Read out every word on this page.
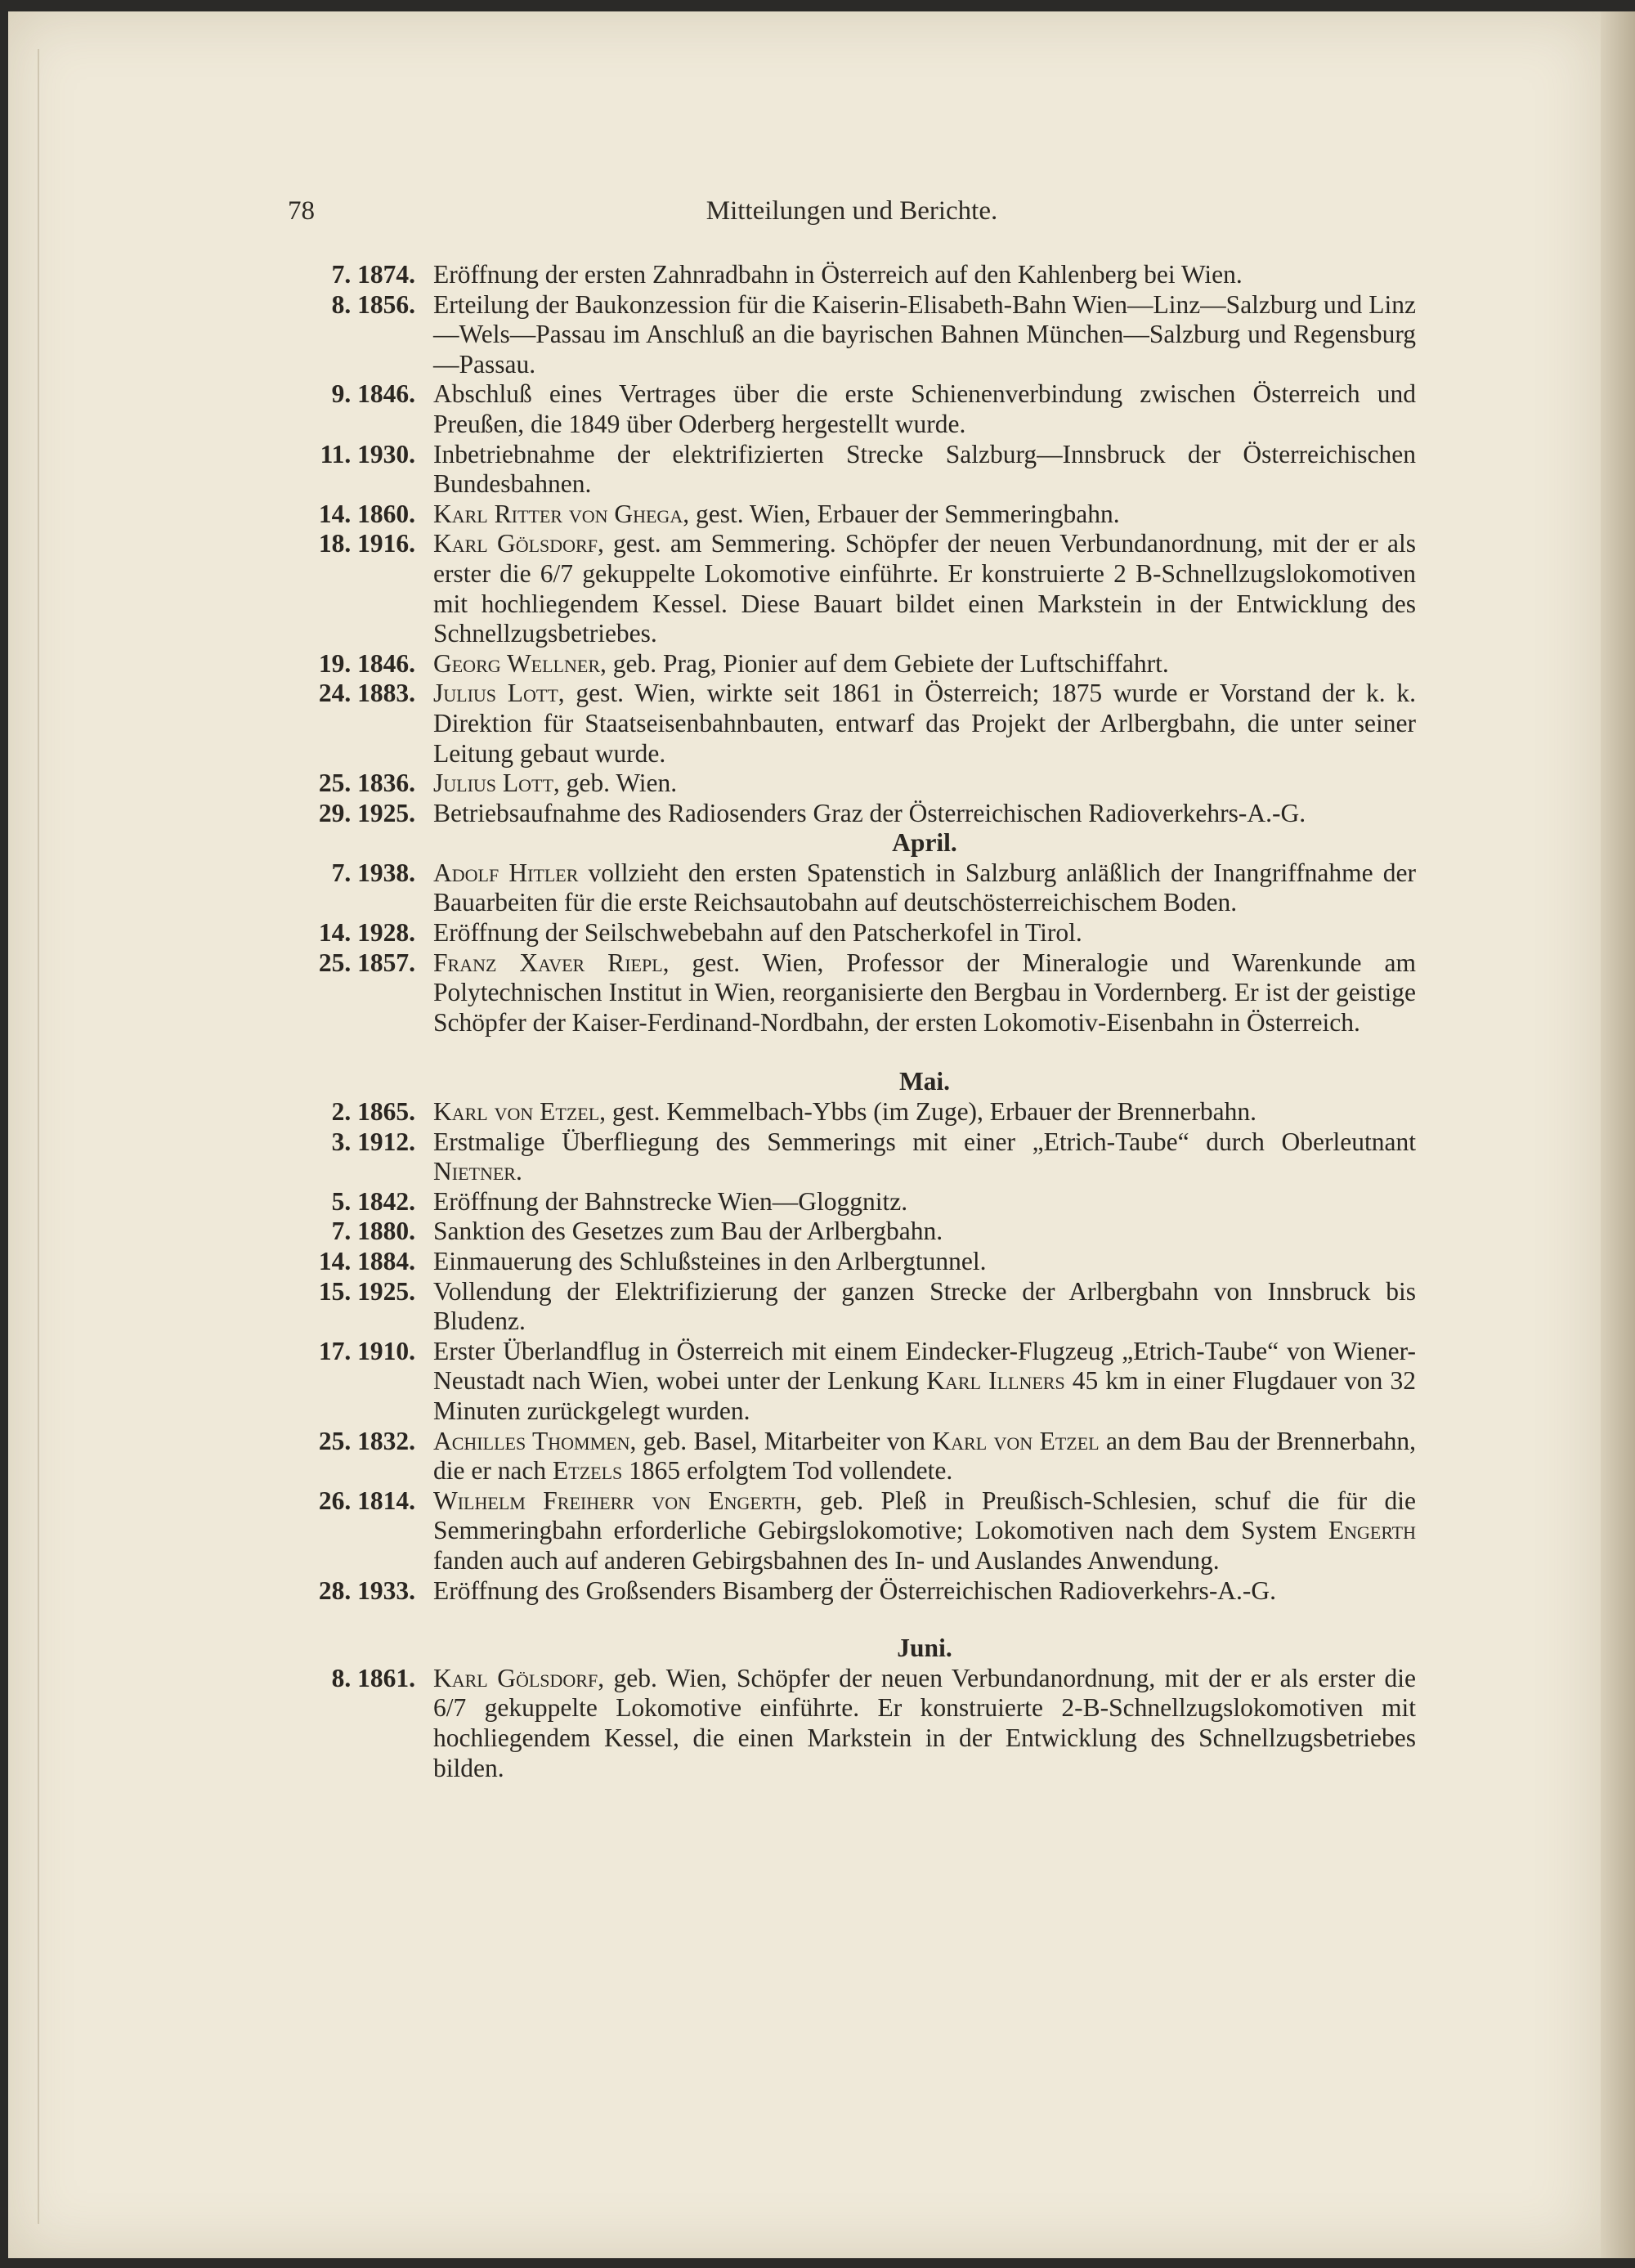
78	Mitteilungen und Berichte.
7. 1874. Eröffnung der ersten Zahnradbahn in Österreich auf den Kahlenberg bei Wien.
8. 1856. Erteilung der Baukonzession für die Kaiserin-Elisabeth-Bahn Wien—Linz—Salzburg und Linz—Wels—Passau im Anschluß an die bayrischen Bahnen München—Salzburg und Regensburg—Passau.
9. 1846. Abschluß eines Vertrages über die erste Schienenverbindung zwischen Österreich und Preußen, die 1849 über Oderberg hergestellt wurde.
11. 1930. Inbetriebnahme der elektrifizierten Strecke Salzburg—Innsbruck der Österreichischen Bundesbahnen.
14. 1860. Karl Ritter von Ghega, gest. Wien, Erbauer der Semmeringbahn.
18. 1916. Karl Gölsdorf, gest. am Semmering. Schöpfer der neuen Verbundanordnung, mit der er als erster die 6/7 gekuppelte Lokomotive einführte. Er konstruierte 2 B-Schnellzugslokomotiven mit hochliegendem Kessel. Diese Bauart bildet einen Markstein in der Entwicklung des Schnellzugsbetriebes.
19. 1846. Georg Wellner, geb. Prag, Pionier auf dem Gebiete der Luftschiffahrt.
24. 1883. Julius Lott, gest. Wien, wirkte seit 1861 in Österreich; 1875 wurde er Vorstand der k. k. Direktion für Staatseisenbahnbauten, entwarf das Projekt der Arlbergbahn, die unter seiner Leitung gebaut wurde.
25. 1836. Julius Lott, geb. Wien.
29. 1925. Betriebsaufnahme des Radiosenders Graz der Österreichischen Radioverkehrs-A.-G.
April.
7. 1938. Adolf Hitler vollzieht den ersten Spatenstich in Salzburg anläßlich der Inangriffnahme der Bauarbeiten für die erste Reichsautobahn auf deutschösterreichischem Boden.
14. 1928. Eröffnung der Seilschwebebahn auf den Patscherkofel in Tirol.
25. 1857. Franz Xaver Riepl, gest. Wien, Professor der Mineralogie und Warenkunde am Polytechnischen Institut in Wien, reorganisierte den Bergbau in Vordernberg. Er ist der geistige Schöpfer der Kaiser-Ferdinand-Nordbahn, der ersten Lokomotiv-Eisenbahn in Österreich.
Mai.
2. 1865. Karl von Etzel, gest. Kemmelbach-Ybbs (im Zuge), Erbauer der Brennerbahn.
3. 1912. Erstmalige Überfliegung des Semmerings mit einer „Etrich-Taube“ durch Oberleutnant Nietner.
5. 1842. Eröffnung der Bahnstrecke Wien—Gloggnitz.
7. 1880. Sanktion des Gesetzes zum Bau der Arlbergbahn.
14. 1884. Einmauerung des Schlußsteines in den Arlbergtunnel.
15. 1925. Vollendung der Elektrifizierung der ganzen Strecke der Arlbergbahn von Innsbruck bis Bludenz.
17. 1910. Erster Überlandflug in Österreich mit einem Eindecker-Flugzeug „Etrich-Taube“ von Wiener-Neustadt nach Wien, wobei unter der Lenkung Karl Illners 45 km in einer Flugdauer von 32 Minuten zurückgelegt wurden.
25. 1832. Achilles Thommen, geb. Basel, Mitarbeiter von Karl von Etzel an dem Bau der Brennerbahn, die er nach Etzels 1865 erfolgtem Tod vollendete.
26. 1814. Wilhelm Freiherr von Engerth, geb. Pleß in Preußisch-Schlesien, schuf die für die Semmeringbahn erforderliche Gebirgslokomotive; Lokomotiven nach dem System Engerth fanden auch auf anderen Gebirgsbahnen des In- und Auslandes Anwendung.
28. 1933. Eröffnung des Großsenders Bisamberg der Österreichischen Radioverkehrs-A.-G.
Juni.
8. 1861. Karl Gölsdorf, geb. Wien, Schöpfer der neuen Verbundanordnung, mit der er als erster die 6/7 gekuppelte Lokomotive einführte. Er konstruierte 2-B-Schnellzugslokomotiven mit hochliegendem Kessel, die einen Markstein in der Entwicklung des Schnellzugsbetriebes bilden.
